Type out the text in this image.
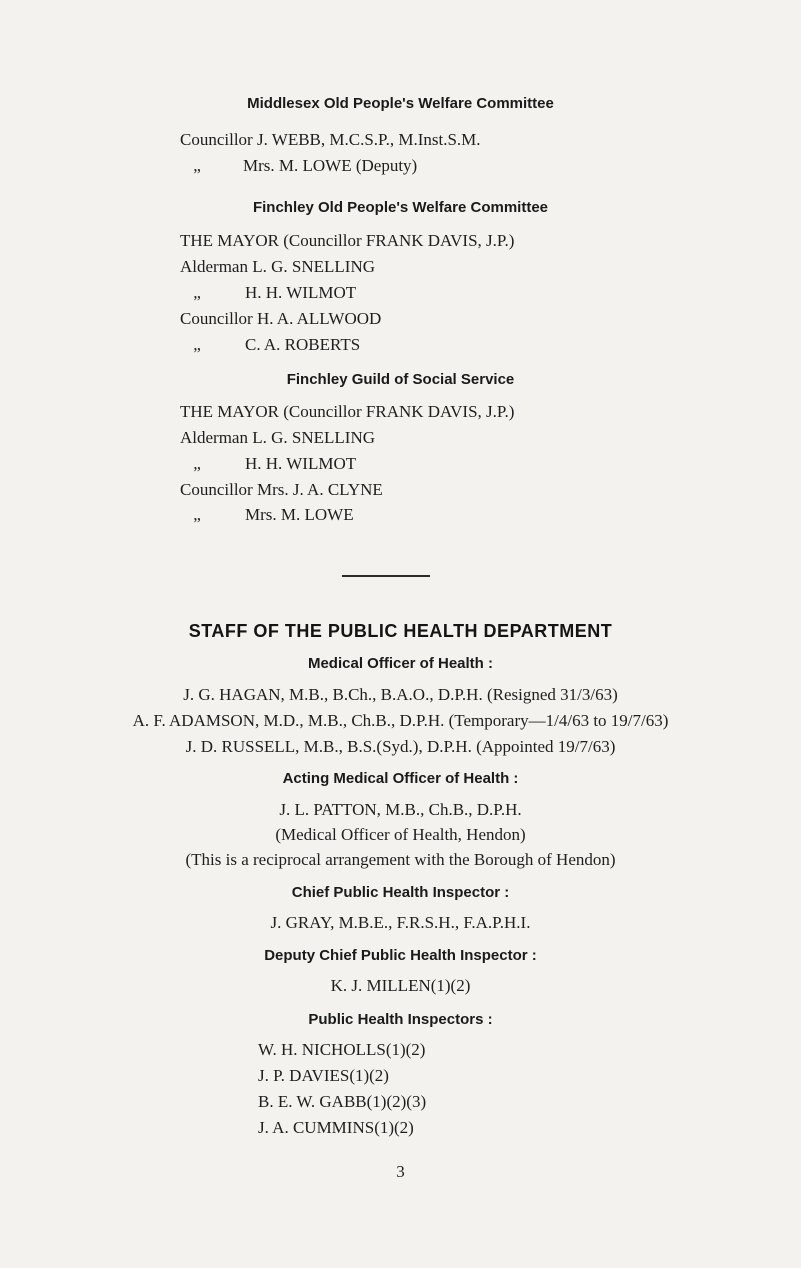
Middlesex Old People's Welfare Committee
Councillor J. WEBB, M.C.S.P., M.Inst.S.M.
„	Mrs. M. LOWE (Deputy)
Finchley Old People's Welfare Committee
THE MAYOR (Councillor FRANK DAVIS, J.P.)
Alderman L. G. SNELLING
„	H. H. WILMOT
Councillor H. A. ALLWOOD
„	C. A. ROBERTS
Finchley Guild of Social Service
THE MAYOR (Councillor FRANK DAVIS, J.P.)
Alderman L. G. SNELLING
„	H. H. WILMOT
Councillor Mrs. J. A. CLYNE
„	Mrs. M. LOWE
STAFF OF THE PUBLIC HEALTH DEPARTMENT
Medical Officer of Health :
J. G. HAGAN, M.B., B.Ch., B.A.O., D.P.H. (Resigned 31/3/63)
A. F. ADAMSON, M.D., M.B., Ch.B., D.P.H. (Temporary—1/4/63 to 19/7/63)
J. D. RUSSELL, M.B., B.S.(Syd.), D.P.H. (Appointed 19/7/63)
Acting Medical Officer of Health :
J. L. PATTON, M.B., Ch.B., D.P.H.
(Medical Officer of Health, Hendon)
(This is a reciprocal arrangement with the Borough of Hendon)
Chief Public Health Inspector :
J. GRAY, M.B.E., F.R.S.H., F.A.P.H.I.
Deputy Chief Public Health Inspector :
K. J. MILLEN(1)(2)
Public Health Inspectors :
W. H. NICHOLLS(1)(2)
J. P. DAVIES(1)(2)
B. E. W. GABB(1)(2)(3)
J. A. CUMMINS(1)(2)
3
